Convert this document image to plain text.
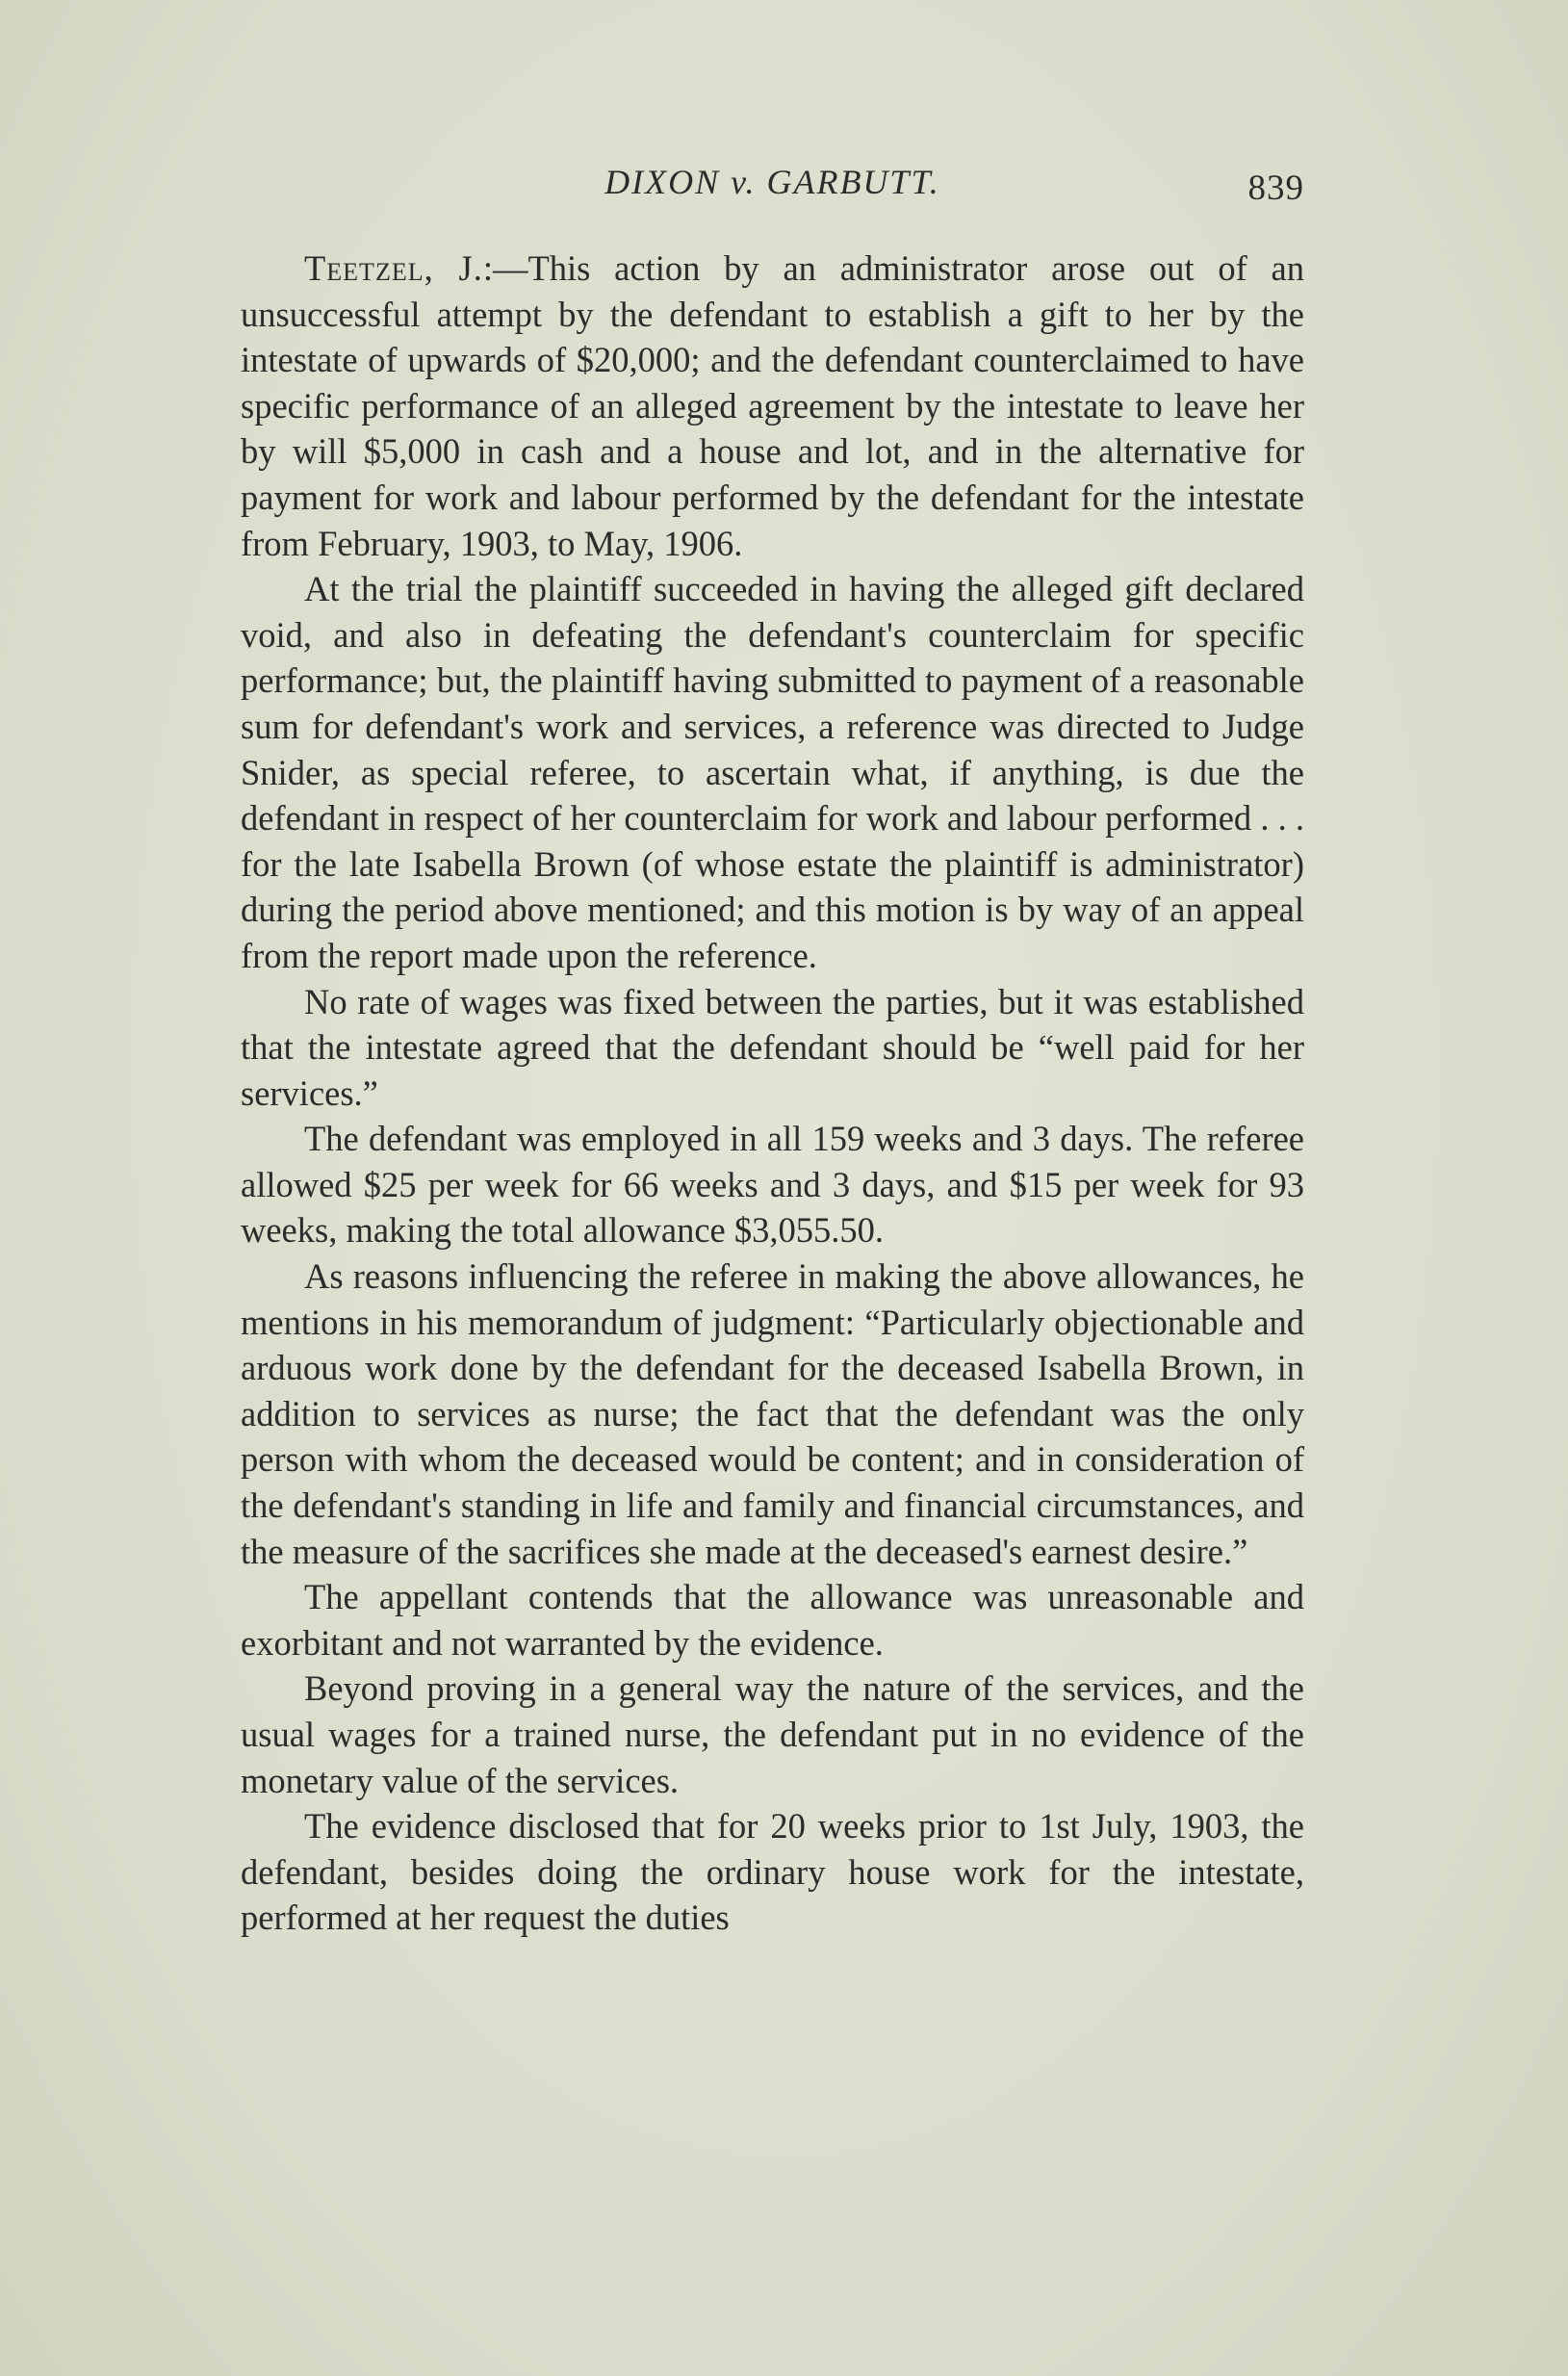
DIXON v. GARBUTT.	839

Teetzel, J.:—This action by an administrator arose out of an unsuccessful attempt by the defendant to establish a gift to her by the intestate of upwards of $20,000; and the defendant counterclaimed to have specific performance of an alleged agreement by the intestate to leave her by will $5,000 in cash and a house and lot, and in the alternative for payment for work and labour performed by the defendant for the intestate from February, 1903, to May, 1906.

At the trial the plaintiff succeeded in having the alleged gift declared void, and also in defeating the defendant's counterclaim for specific performance; but, the plaintiff having submitted to payment of a reasonable sum for defendant's work and services, a reference was directed to Judge Snider, as special referee, to ascertain what, if anything, is due the defendant in respect of her counterclaim for work and labour performed . . . for the late Isabella Brown (of whose estate the plaintiff is administrator) during the period above mentioned; and this motion is by way of an appeal from the report made upon the reference.

No rate of wages was fixed between the parties, but it was established that the intestate agreed that the defendant should be “well paid for her services.”

The defendant was employed in all 159 weeks and 3 days. The referee allowed $25 per week for 66 weeks and 3 days, and $15 per week for 93 weeks, making the total allowance $3,055.50.

As reasons influencing the referee in making the above allowances, he mentions in his memorandum of judgment: “Particularly objectionable and arduous work done by the defendant for the deceased Isabella Brown, in addition to services as nurse; the fact that the defendant was the only person with whom the deceased would be content; and in consideration of the defendant's standing in life and family and financial circumstances, and the measure of the sacrifices she made at the deceased's earnest desire.”

The appellant contends that the allowance was unreasonable and exorbitant and not warranted by the evidence.

Beyond proving in a general way the nature of the services, and the usual wages for a trained nurse, the defendant put in no evidence of the monetary value of the services.

The evidence disclosed that for 20 weeks prior to 1st July, 1903, the defendant, besides doing the ordinary house work for the intestate, performed at her request the duties
